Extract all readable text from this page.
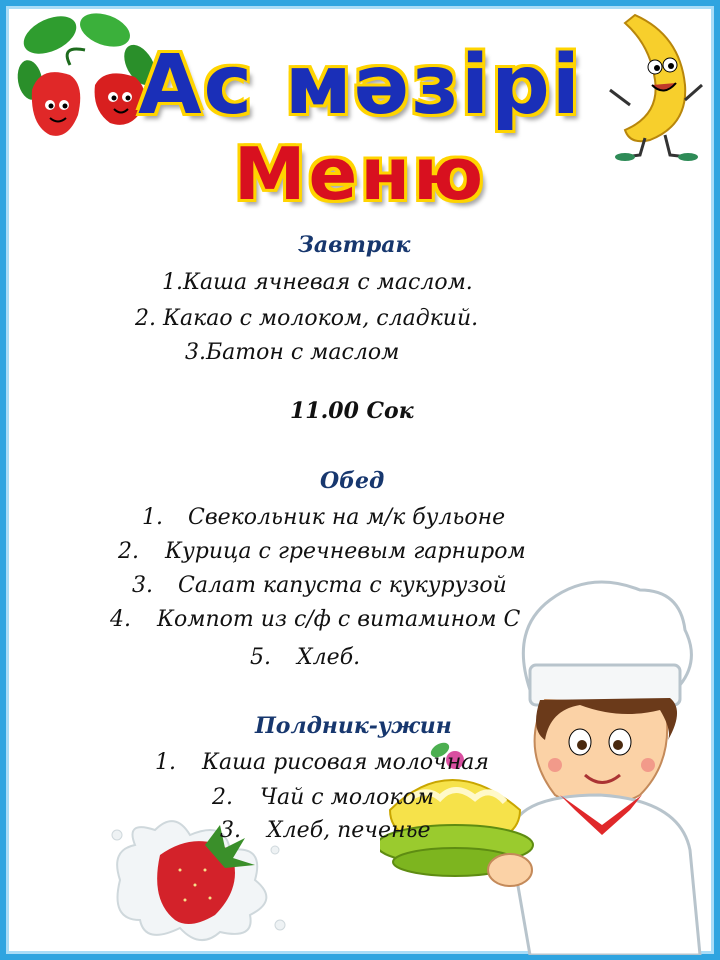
Ас мәзірі
Меню
Завтрак
1.Каша ячневая с маслом.
2. Какао с молоком, сладкий.
3.Батон с маслом
11.00 Сок
Обед
1. Свекольник на м/к бульоне
2. Курица с гречневым гарниром
3. Салат капуста с кукурузой
4. Компот из с/ф с витамином С
5. Хлеб.
Полдник-ужин
1. Каша рисовая молочная
2. Чай с молоком
3. Хлеб, печенье
